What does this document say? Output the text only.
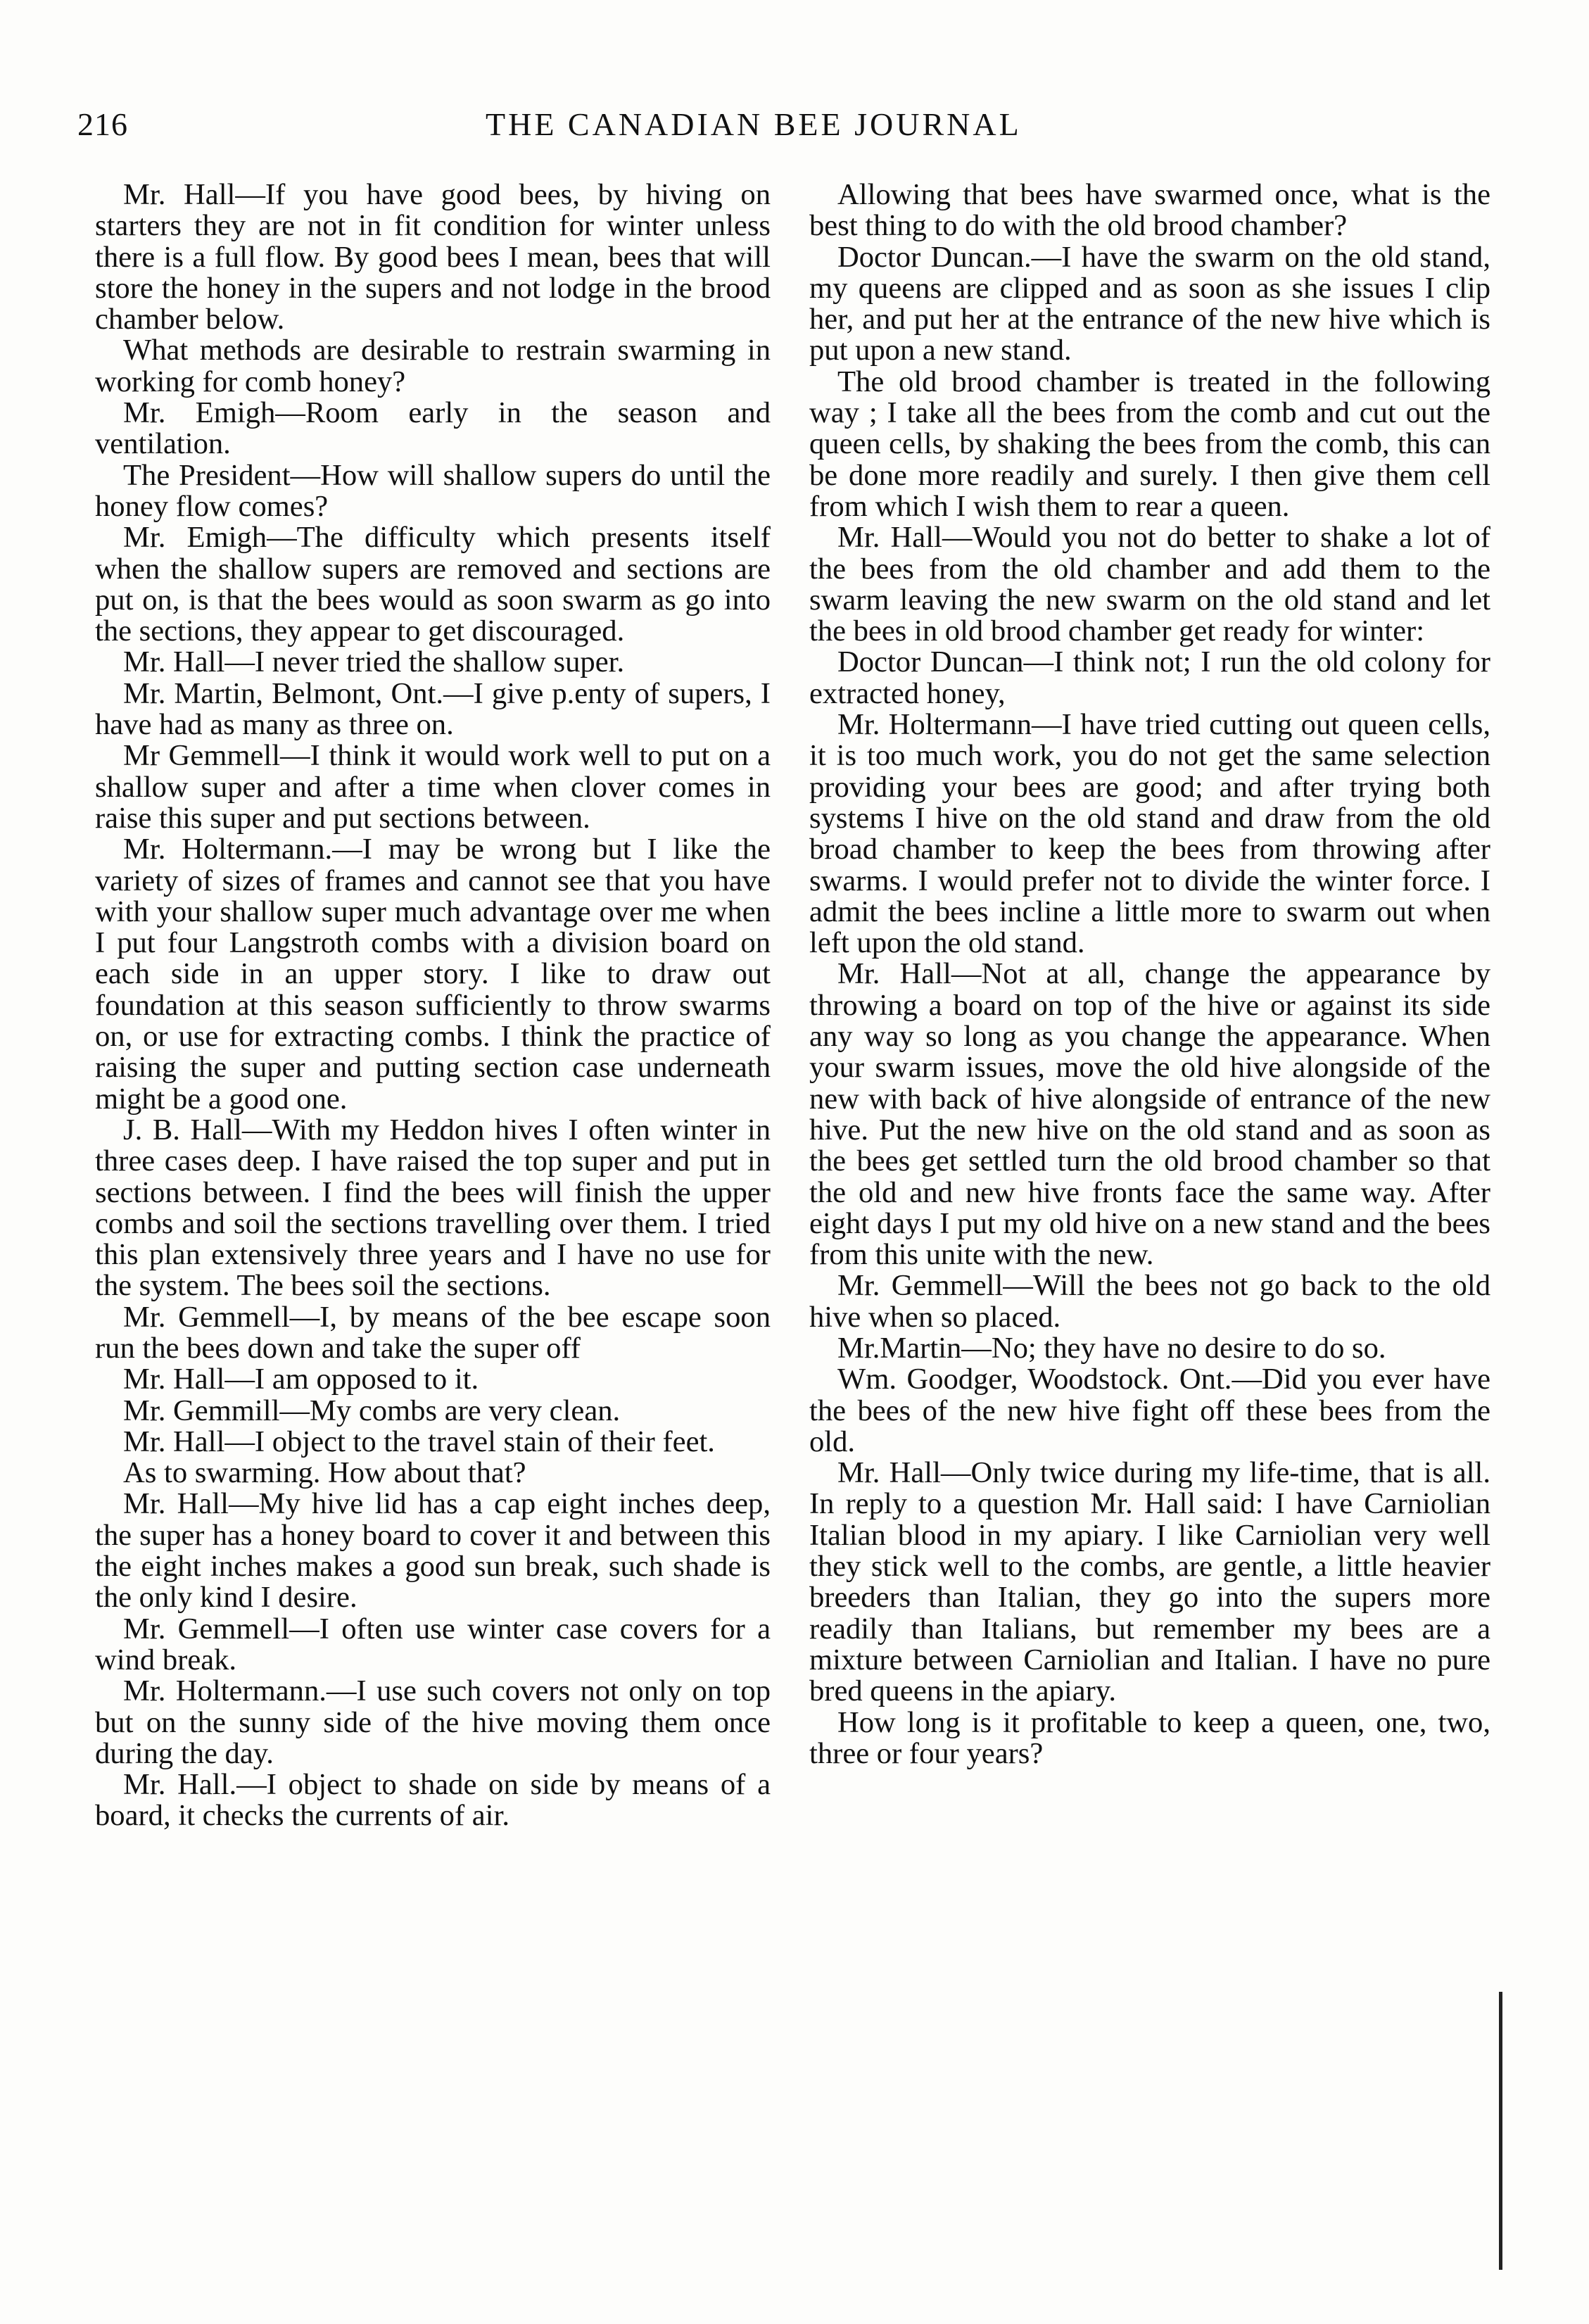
216	THE CANADIAN BEE JOURNAL

Mr. Hall—If you have good bees, by hiving on starters they are not in fit condition for winter unless there is a full flow. By good bees I mean, bees that will store the honey in the supers and not lodge in the brood chamber below.

What methods are desirable to restrain swarming in working for comb honey?

Mr. Emigh—Room early in the season and ventilation.

The President—How will shallow supers do until the honey flow comes?

Mr. Emigh—The difficulty which presents itself when the shallow supers are removed and sections are put on, is that the bees would as soon swarm as go into the sections, they appear to get discouraged.

Mr. Hall—I never tried the shallow super.

Mr. Martin, Belmont, Ont.—I give p.enty of supers, I have had as many as three on.

Mr Gemmell—I think it would work well to put on a shallow super and after a time when clover comes in raise this super and put sections between.

Mr. Holtermann.—I may be wrong but I like the variety of sizes of frames and cannot see that you have with your shallow super much advantage over me when I put four Langstroth combs with a division board on each side in an upper story. I like to draw out foundation at this season sufficiently to throw swarms on, or use for extracting combs. I think the practice of raising the super and putting section case underneath might be a good one.

J. B. Hall—With my Heddon hives I often winter in three cases deep. I have raised the top super and put in sections between. I find the bees will finish the upper combs and soil the sections travelling over them. I tried this plan extensively three years and I have no use for the system. The bees soil the sections.

Mr. Gemmell—I, by means of the bee escape soon run the bees down and take the super off

Mr. Hall—I am opposed to it.

Mr. Gemmill—My combs are very clean.

Mr. Hall—I object to the travel stain of their feet.

As to swarming. How about that?

Mr. Hall—My hive lid has a cap eight inches deep, the super has a honey board to cover it and between this the eight inches makes a good sun break, such shade is the only kind I desire.

Mr. Gemmell—I often use winter case covers for a wind break.

Mr. Holtermann.—I use such covers not only on top but on the sunny side of the hive moving them once during the day.

Mr. Hall.—I object to shade on side by means of a board, it checks the currents of air.

Allowing that bees have swarmed once, what is the best thing to do with the old brood chamber?

Doctor Duncan.—I have the swarm on the old stand, my queens are clipped and as soon as she issues I clip her, and put her at the entrance of the new hive which is put upon a new stand.

The old brood chamber is treated in the following way ; I take all the bees from the comb and cut out the queen cells, by shaking the bees from the comb, this can be done more readily and surely. I then give them cell from which I wish them to rear a queen.

Mr. Hall—Would you not do better to shake a lot of the bees from the old chamber and add them to the swarm leaving the new swarm on the old stand and let the bees in old brood chamber get ready for winter:

Doctor Duncan—I think not; I run the old colony for extracted honey,

Mr. Holtermann—I have tried cutting out queen cells, it is too much work, you do not get the same selection providing your bees are good; and after trying both systems I hive on the old stand and draw from the old broad chamber to keep the bees from throwing after swarms. I would prefer not to divide the winter force. I admit the bees incline a little more to swarm out when left upon the old stand.

Mr. Hall—Not at all, change the appearance by throwing a board on top of the hive or against its side any way so long as you change the appearance. When your swarm issues, move the old hive alongside of the new with back of hive alongside of entrance of the new hive. Put the new hive on the old stand and as soon as the bees get settled turn the old brood chamber so that the old and new hive fronts face the same way. After eight days I put my old hive on a new stand and the bees from this unite with the new.

Mr. Gemmell—Will the bees not go back to the old hive when so placed.

Mr.Martin—No; they have no desire to do so.

Wm. Goodger, Woodstock. Ont.—Did you ever have the bees of the new hive fight off these bees from the old.

Mr. Hall—Only twice during my life-time, that is all. In reply to a question Mr. Hall said: I have Carniolian Italian blood in my apiary. I like Carniolian very well they stick well to the combs, are gentle, a little heavier breeders than Italian, they go into the supers more readily than Italians, but remember my bees are a mixture between Carniolian and Italian. I have no pure bred queens in the apiary.

How long is it profitable to keep a queen, one, two, three or four years?
